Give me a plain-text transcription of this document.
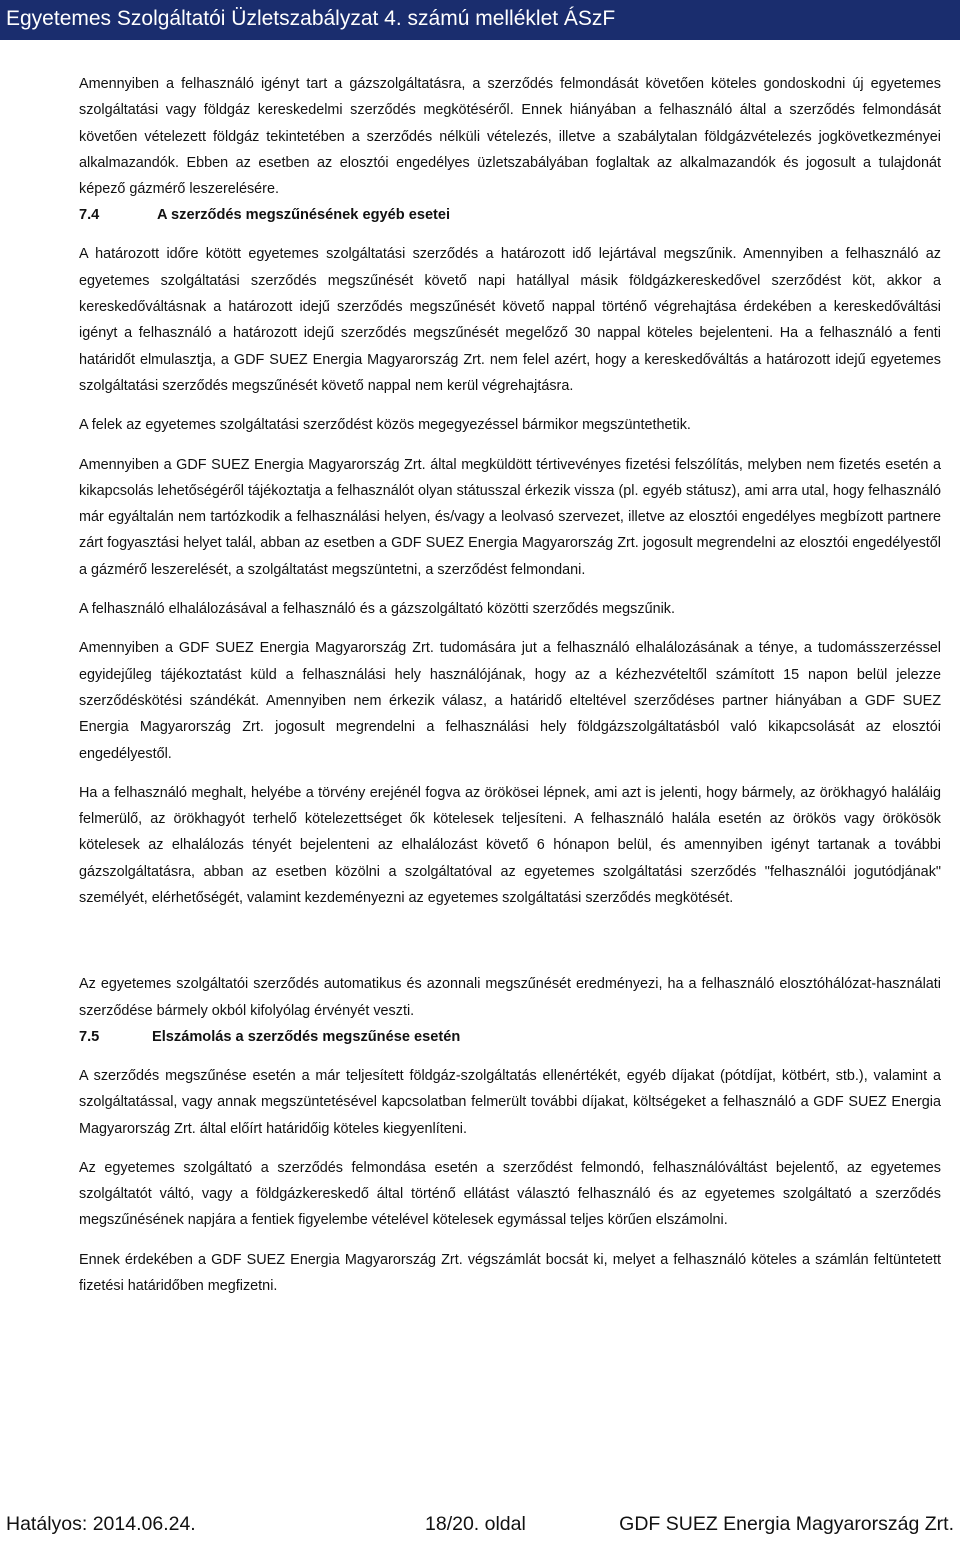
Egyetemes Szolgáltatói Üzletszabályzat 4. számú melléklet ÁSzF

Amennyiben a felhasználó igényt tart a gázszolgáltatásra, a szerződés felmondását követően köteles gondoskodni új egyetemes szolgáltatási vagy földgáz kereskedelmi szerződés megkötéséről. Ennek hiányában a felhasználó által a szerződés felmondását követően vételezett földgáz tekintetében a szerződés nélküli vételezés, illetve a szabálytalan földgázvételezés jogkövetkezményei alkalmazandók. Ebben az esetben az elosztói engedélyes üzletszabályában foglaltak az alkalmazandók és jogosult a tulajdonát képező gázmérő leszerelésére.

7.4	A szerződés megszűnésének egyéb esetei

A határozott időre kötött egyetemes szolgáltatási szerződés a határozott idő lejártával megszűnik. Amennyiben a felhasználó az egyetemes szolgáltatási szerződés megszűnését követő napi hatállyal másik földgázkereskedővel szerződést köt, akkor a kereskedőváltásnak a határozott idejű szerződés megszűnését követő nappal történő végrehajtása érdekében a kereskedőváltási igényt a felhasználó a határozott idejű szerződés megszűnését megelőző 30 nappal köteles bejelenteni. Ha a felhasználó a fenti határidőt elmulasztja, a GDF SUEZ Energia Magyarország Zrt. nem felel azért, hogy a kereskedőváltás a határozott idejű egyetemes szolgáltatási szerződés megszűnését követő nappal nem kerül végrehajtásra.

A felek az egyetemes szolgáltatási szerződést közös megegyezéssel bármikor megszüntethetik.

Amennyiben a GDF SUEZ Energia Magyarország Zrt. által megküldött tértivevényes fizetési felszólítás, melyben nem fizetés esetén a kikapcsolás lehetőségéről tájékoztatja a felhasználót olyan státusszal érkezik vissza (pl. egyéb státusz), ami arra utal, hogy felhasználó már egyáltalán nem tartózkodik a felhasználási helyen, és/vagy a leolvasó szervezet, illetve az elosztói engedélyes megbízott partnere zárt fogyasztási helyet talál, abban az esetben a GDF SUEZ Energia Magyarország Zrt. jogosult megrendelni az elosztói engedélyestől a gázmérő leszerelését, a szolgáltatást megszüntetni, a szerződést felmondani.

A felhasználó elhalálozásával a felhasználó és a gázszolgáltató közötti szerződés megszűnik.

Amennyiben a GDF SUEZ Energia Magyarország Zrt. tudomására jut a felhasználó elhalálozásának a ténye, a tudomásszerzéssel egyidejűleg tájékoztatást küld a felhasználási hely használójának, hogy az a kézhezvételtől számított 15 napon belül jelezze szerződéskötési szándékát. Amennyiben nem érkezik válasz, a határidő elteltével szerződéses partner hiányában a GDF SUEZ Energia Magyarország Zrt. jogosult megrendelni a felhasználási hely földgázszolgáltatásból való kikapcsolását az elosztói engedélyestől.

Ha a felhasználó meghalt, helyébe a törvény erejénél fogva az örökösei lépnek, ami azt is jelenti, hogy bármely, az örökhagyó haláláig felmerülő, az örökhagyót terhelő kötelezettséget ők kötelesek teljesíteni. A felhasználó halála esetén az örökös vagy örökösök kötelesek az elhalálozás tényét bejelenteni az elhalálozást követő 6 hónapon belül, és amennyiben igényt tartanak a további gázszolgáltatásra, abban az esetben közölni a szolgáltatóval az egyetemes szolgáltatási szerződés "felhasználói jogutódjának" személyét, elérhetőségét, valamint kezdeményezni az egyetemes szolgáltatási szerződés megkötését.

Az egyetemes szolgáltatói szerződés automatikus és azonnali megszűnését eredményezi, ha a felhasználó elosztóhálózat-használati szerződése bármely okból kifolyólag érvényét veszti.

7.5	Elszámolás a szerződés megszűnése esetén

A szerződés megszűnése esetén a már teljesített földgáz-szolgáltatás ellenértékét, egyéb díjakat (pótdíjat, kötbért, stb.), valamint a szolgáltatással, vagy annak megszüntetésével kapcsolatban felmerült további díjakat, költségeket a felhasználó a GDF SUEZ Energia Magyarország Zrt. által előírt határidőig köteles kiegyenlíteni.

Az egyetemes szolgáltató a szerződés felmondása esetén a szerződést felmondó, felhasználóváltást bejelentő, az egyetemes szolgáltatót váltó, vagy a földgázkereskedő által történő ellátást választó felhasználó és az egyetemes szolgáltató a szerződés megszűnésének napjára a fentiek figyelembe vételével kötelesek egymással teljes körűen elszámolni.

Ennek érdekében a GDF SUEZ Energia Magyarország Zrt. végszámlát bocsát ki, melyet a felhasználó köteles a számlán feltüntetett fizetési határidőben megfizetni.

Hatályos: 2014.06.24.	18/20. oldal	GDF SUEZ Energia Magyarország Zrt.
